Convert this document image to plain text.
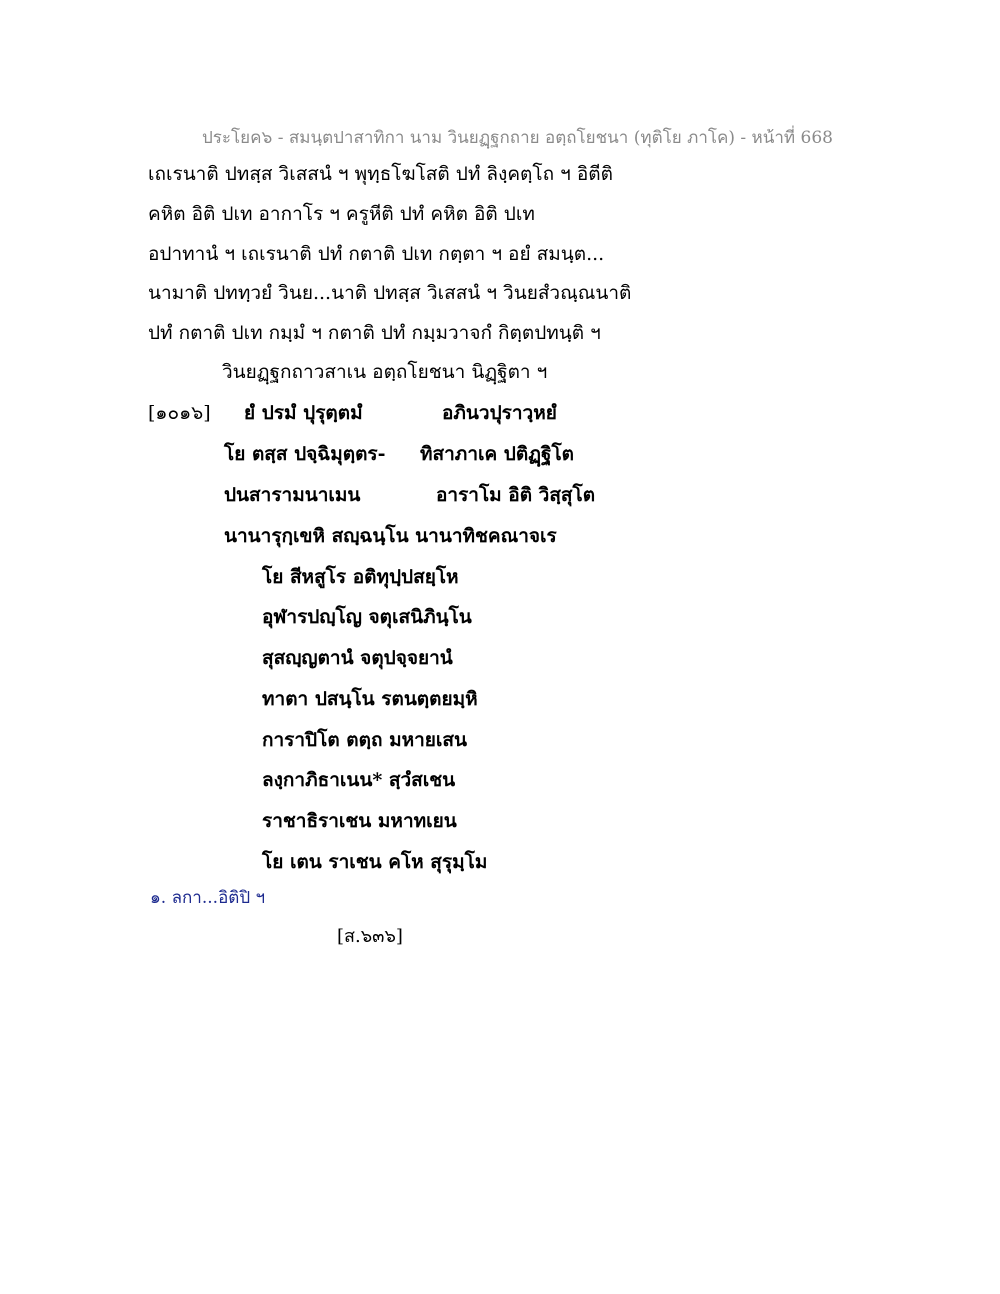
ประโยค๖ - สมนฺตปาสาทิกา นาม วินยฏฺฐกถาย อตฺถโยชนา (ทุติโย ภาโค) - หน้าที่ 668
เถเรนาติ ปทสฺส วิเสสนํ ฯ พุทฺธโฆโสติ ปทํ ลิงฺคตฺโถ ฯ อิตีติ
คหิต อิติ ปเท อากาโร ฯ ครูหีติ ปทํ คหิต อิติ ปเท
อปาทานํ ฯ เถเรนาติ ปทํ กตาติ ปเท กตฺตา ฯ อยํ สมนฺต...
นามาติ ปททฺวยํ วินย...นาติ ปทสฺส วิเสสนํ ฯ วินยสํวณฺณนาติ
ปทํ กตาติ ปเท กมฺมํ ฯ กตาติ ปทํ กมฺมวาจกํ กิตฺตปทนฺติ ฯ
วินยฏฺฐกถาวสาเน อตฺถโยชนา นิฏฺฐิตา ฯ
[๑๐๑๖] ยํ ปรมํ ปุรุตฺตมํ	อภินวปุราวฺหยํ
โย ตสฺส ปจฺฉิมุตฺตร- ทิสาภาเค ปติฏฺฐิโต
ปนสารามนาเมน	อาราโม อิติ วิสฺสุโต
นานารุกฺเขหิ สญฺฉนฺโน นานาทิชคณาจเร
โย สีหสูโร อติทุปฺปสยฺโห
อุฬารปญฺโญ จตุเสนิภินฺโน
สุสญฺญตานํ จตุปจฺจยานํ
ทาตา ปสนฺโน รตนตฺตยมฺหิ
การาปิโต ตตฺถ มหายเสน
ลงฺกาภิธาเนน* สฺวํสเชน
ราชาธิราเชน มหาทเยน
โย เตน ราเชน คโห สุรุมฺโม
๑. ลกา...อิติปิ ฯ
[ส.๖๓๖]
